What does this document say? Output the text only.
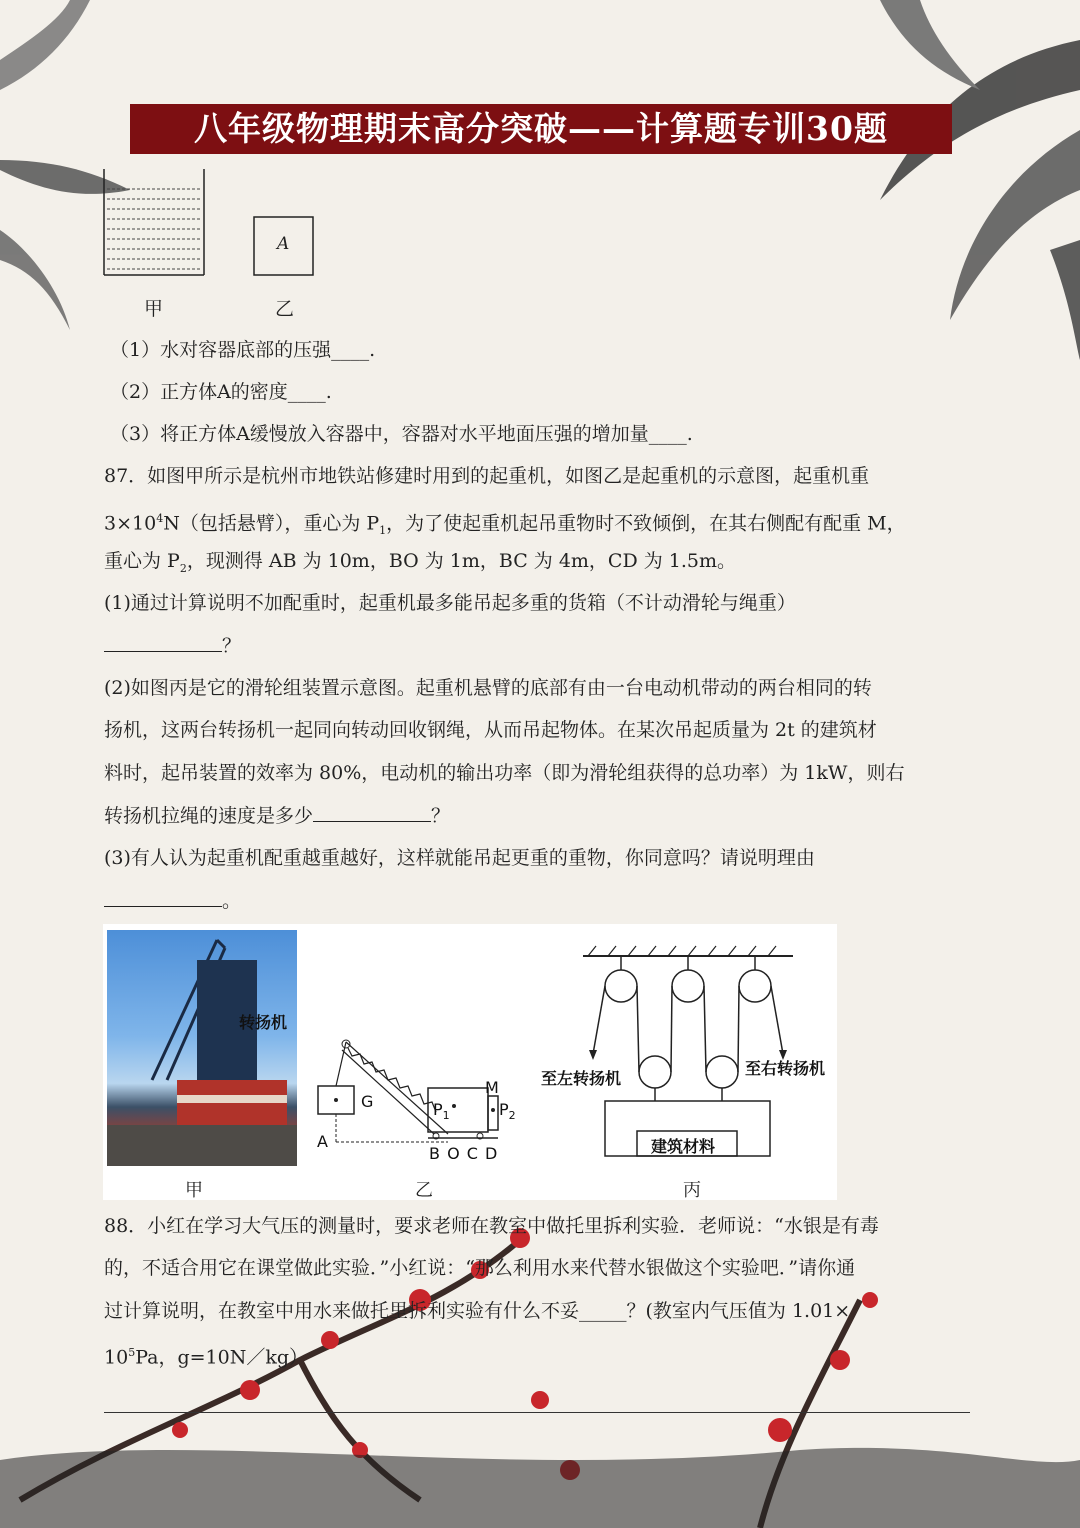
八年级物理期末高分突破——计算题专训30题
A
甲	乙
（1）水对容器底部的压强____.
（2）正方体A的密度____.
（3）将正方体A缓慢放入容器中，容器对水平地面压强的增加量____.
87．如图甲所示是杭州市地铁站修建时用到的起重机，如图乙是起重机的示意图，起重机重
$3\times 10^4N$（包括悬臂），重心为 $P_1$，为了使起重机起吊重物时不致倾倒，在其右侧配有配重 M，
重心为 $P_2$，现测得 AB 为 10m，BO 为 1m，BC 为 4m，CD 为 1.5m。
(1)通过计算说明不加配重时，起重机最多能吊起多重的货箱（不计动滑轮与绳重）
？
(2)如图丙是它的滑轮组装置示意图。起重机悬臂的底部有由一台电动机带动的两台相同的转
扬机，这两台转扬机一起同向转动回收钢绳，从而吊起物体。在某次吊起质量为 2t 的建筑材
料时，起吊装置的效率为 80%，电动机的输出功率（即为滑轮组获得的总功率）为 1kW，则右
转扬机拉绳的速度是多少	？
(3)有人认为起重机配重越重越好，这样就能吊起更重的重物，你同意吗？请说明理由
。
转扬机
G
A
M
$P_1$	$P_2$
B O C D
至左转扬机
至右转扬机
建筑材料
甲	乙	丙
88．小红在学习大气压的测量时，要求老师在教室中做托里拆利实验．老师说：“水银是有毒
的，不适合用它在课堂做此实验．”小红说：“那么利用水来代替水银做这个实验吧．”请你通
过计算说明，在教室中用水来做托里拆利实验有什么不妥_____？(教室内气压值为 1.01×
$10^5Pa$，g=10N／kg）
